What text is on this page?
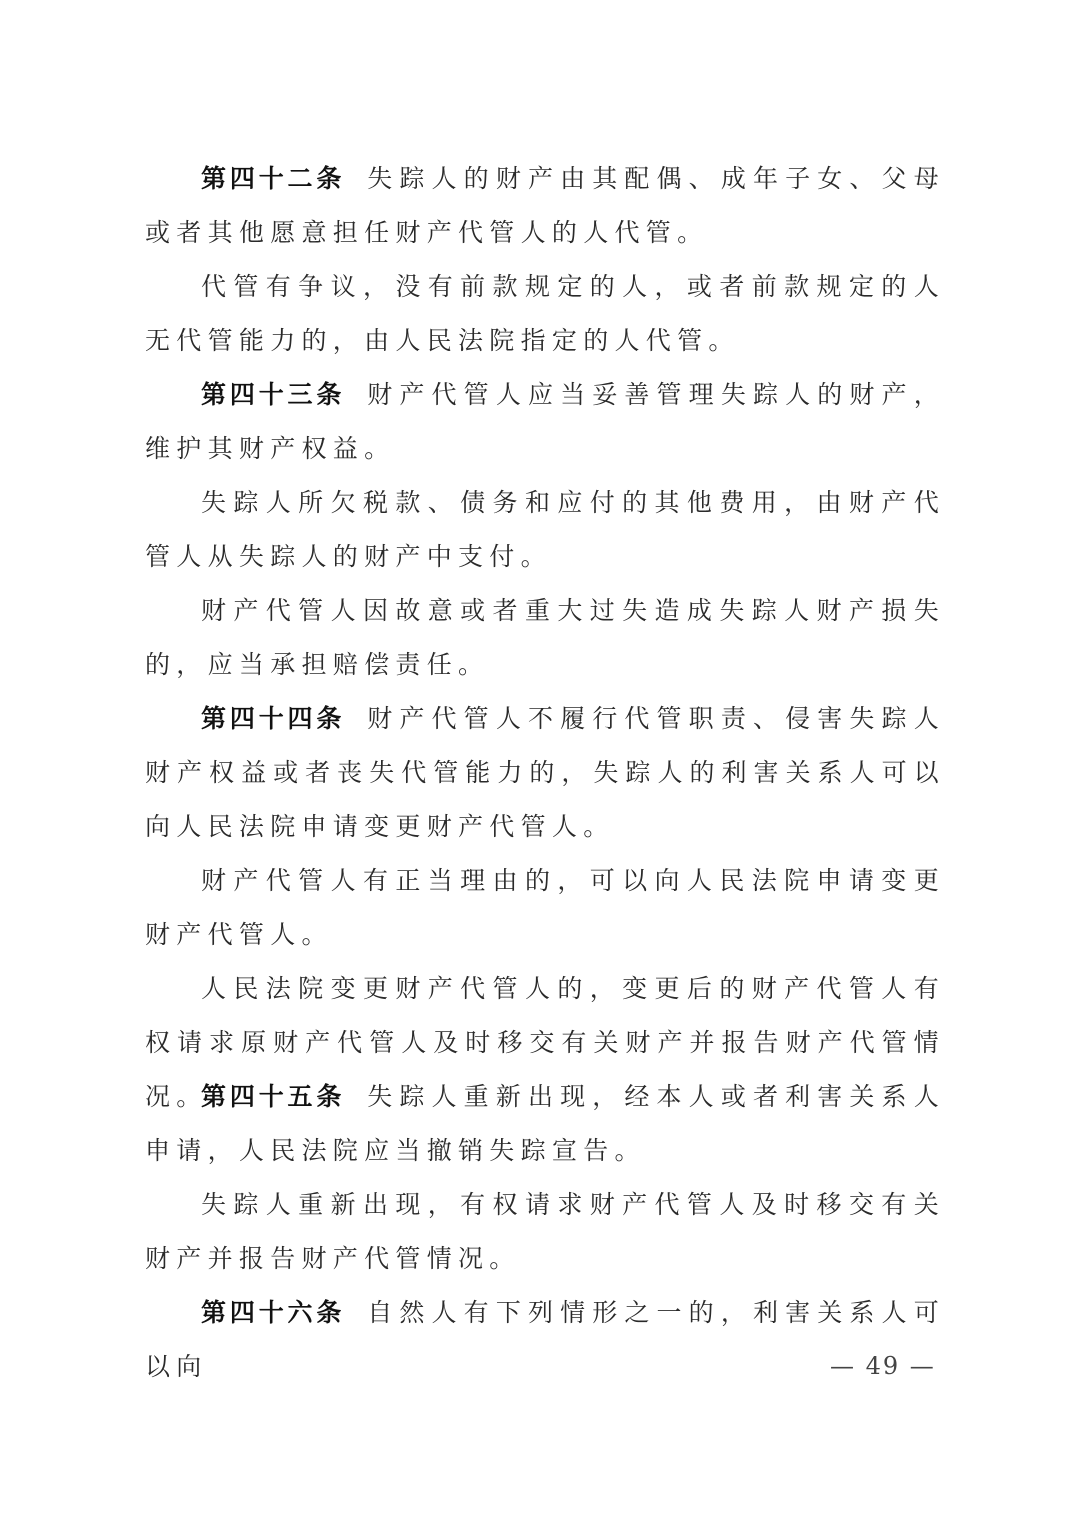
第四十二条 失踪人的财产由其配偶、成年子女、父母或者其他愿意担任财产代管人的人代管。

代管有争议，没有前款规定的人，或者前款规定的人无代管能力的，由人民法院指定的人代管。

第四十三条 财产代管人应当妥善管理失踪人的财产，维护其财产权益。

失踪人所欠税款、债务和应付的其他费用，由财产代管人从失踪人的财产中支付。

财产代管人因故意或者重大过失造成失踪人财产损失的，应当承担赔偿责任。

第四十四条 财产代管人不履行代管职责、侵害失踪人财产权益或者丧失代管能力的，失踪人的利害关系人可以向人民法院申请变更财产代管人。

财产代管人有正当理由的，可以向人民法院申请变更财产代管人。

人民法院变更财产代管人的，变更后的财产代管人有权请求原财产代管人及时移交有关财产并报告财产代管情况。

第四十五条 失踪人重新出现，经本人或者利害关系人申请，人民法院应当撤销失踪宣告。

失踪人重新出现，有权请求财产代管人及时移交有关财产并报告财产代管情况。

第四十六条 自然人有下列情形之一的，利害关系人可以向	— 49 —
